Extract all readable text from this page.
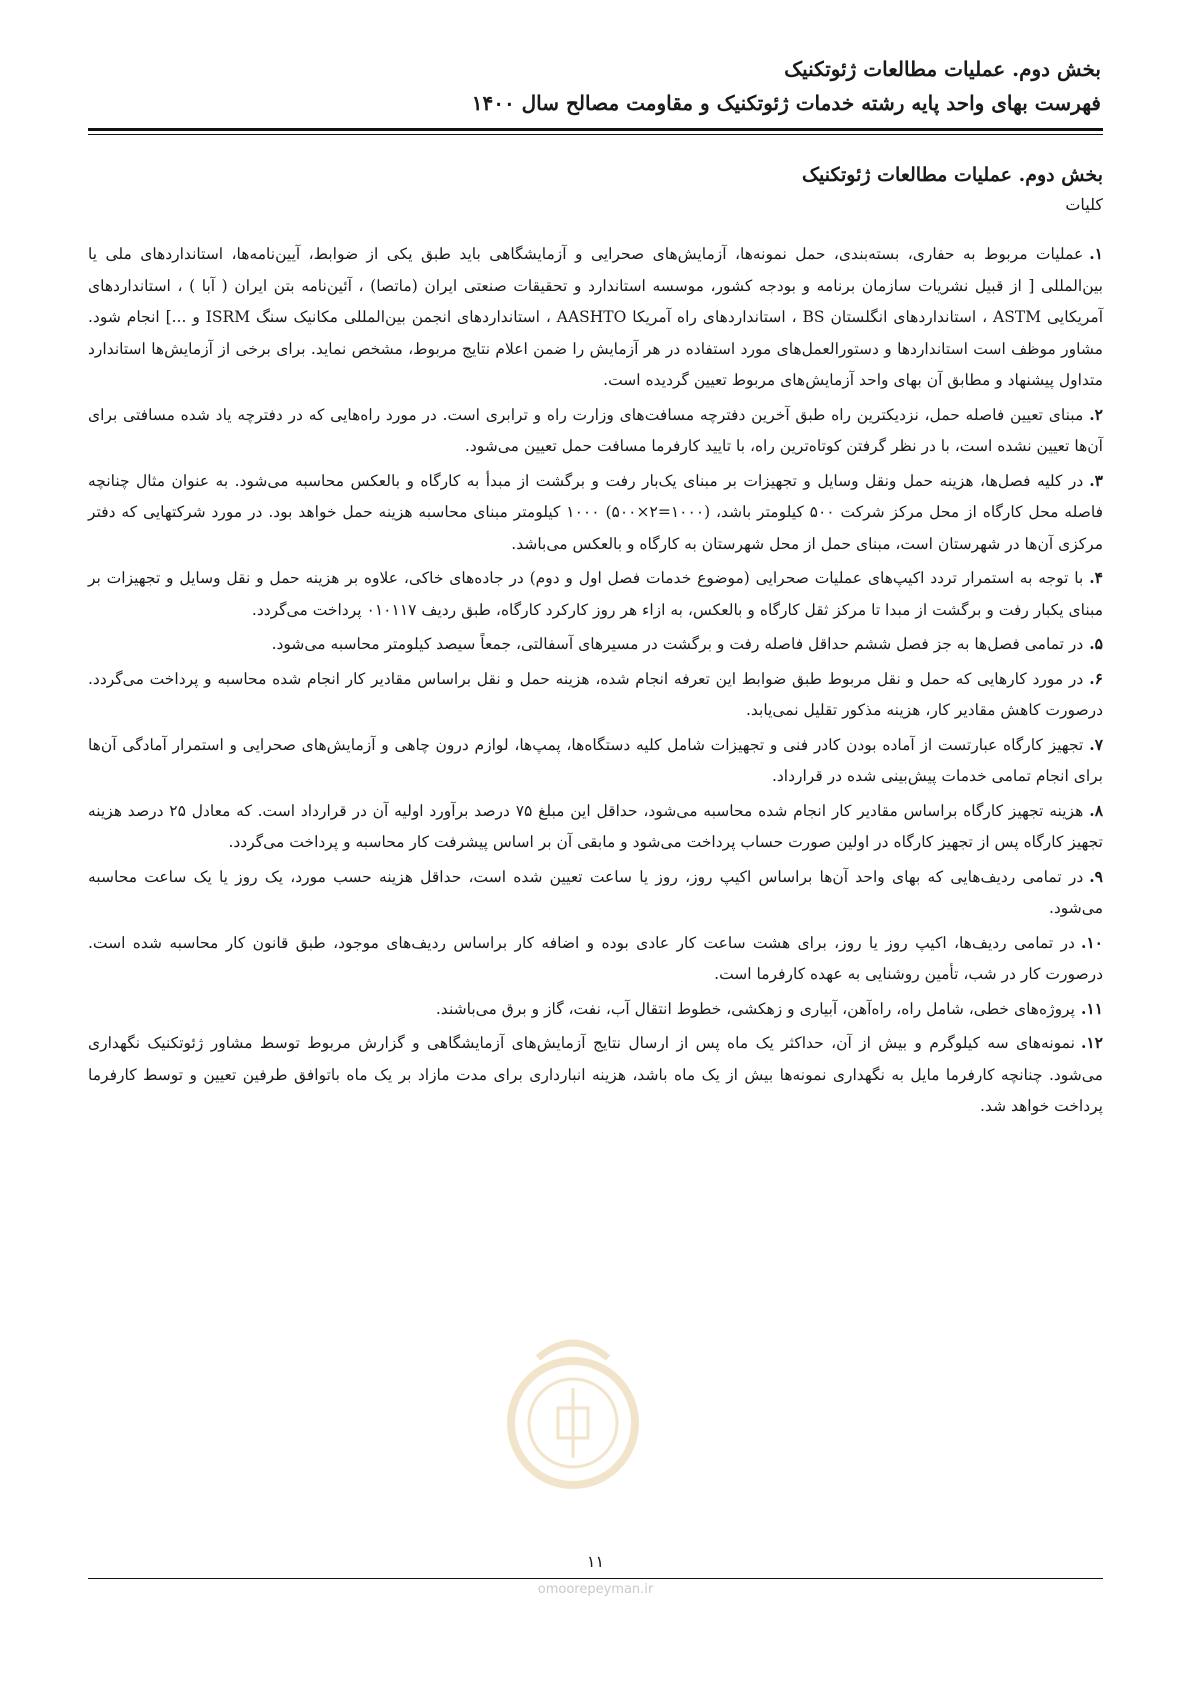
بخش دوم. عملیات مطالعات ژئوتکنیک
فهرست بهای واحد پایه رشته خدمات ژئوتکنیک و مقاومت مصالح سال ۱۴۰۰

بخش دوم. عملیات مطالعات ژئوتکنیک

کلیات

۱.عملیات مربوط به حفاری، بسته‌بندی، حمل نمونه‌ها، آزمایش‌های صحرایی و آزمایشگاهی باید طبق یکی از ضوابط، آیین‌نامه‌ها، استانداردهای ملی یا بین‌المللی [ از قبیل نشریات سازمان برنامه و بودجه کشور، موسسه استاندارد و تحقیقات صنعتی ایران (ماتصا) ، آئین‌نامه بتن ایران ( آبا ) ، استانداردهای آمریکایی ASTM ، استانداردهای انگلستان BS ، استانداردهای راه آمریکا AASHTO ، استانداردهای انجمن بین‌المللی مکانیک سنگ ISRM و ...] انجام شود. مشاور موظف است استانداردها و دستورالعمل‌های مورد استفاده در هر آزمایش را ضمن اعلام نتایج مربوط، مشخص نماید. برای برخی از آزمایش‌ها استاندارد متداول پیشنهاد و مطابق آن بهای واحد آزمایش‌های مربوط تعیین گردیده است.
۲.مبنای تعیین فاصله حمل، نزدیکترین راه طبق آخرین دفترچه مسافت‌های وزارت راه و ترابری است. در مورد راه‌هایی که در دفترچه یاد شده مسافتی برای آن‌ها تعیین نشده است، با در نظر گرفتن کوتاه‌ترین راه، با تایید کارفرما مسافت حمل تعیین می‌شود.
۳.در کلیه فصل‌ها، هزینه حمل ونقل وسایل و تجهیزات بر مبنای یک‌بار رفت و برگشت از مبدأ به کارگاه و بالعکس محاسبه می‌شود. به عنوان مثال چنانچه فاصله محل کارگاه از محل مرکز شرکت ۵۰۰ کیلومتر باشد، (۱۰۰۰=۲×۵۰۰) ۱۰۰۰ کیلومتر مبنای محاسبه هزینه حمل خواهد بود. در مورد شرکتهایی که دفتر مرکزی آن‌ها در شهرستان است، مبنای حمل از محل شهرستان به کارگاه و بالعکس می‌باشد.
۴.با توجه به استمرار تردد اکیپ‌های عملیات صحرایی (موضوع خدمات فصل اول و دوم) در جاده‌های خاکی، علاوه بر هزینه حمل و نقل وسایل و تجهیزات بر مبنای یکبار رفت و برگشت از مبدا تا مرکز ثقل کارگاه و بالعکس، به ازاء هر روز کارکرد کارگاه، طبق ردیف ۰۱۰۱۱۷ پرداخت می‌گردد.
۵.در تمامی فصل‌ها به جز فصل ششم حداقل فاصله رفت و برگشت در مسیرهای آسفالتی، جمعاً سیصد کیلومتر محاسبه می‌شود.
۶.در مورد کارهایی که حمل و نقل مربوط طبق ضوابط این تعرفه انجام شده، هزینه حمل و نقل براساس مقادیر کار انجام شده محاسبه و پرداخت می‌گردد. درصورت کاهش مقادیر کار، هزینه مذکور تقلیل نمی‌یابد.
۷.تجهیز کارگاه عبارتست از آماده بودن کادر فنی و تجهیزات شامل کلیه دستگاه‌ها، پمپ‌ها، لوازم درون چاهی و آزمایش‌های صحرایی و استمرار آمادگی آن‌ها برای انجام تمامی خدمات پیش‌بینی شده در قرارداد.
۸.هزینه تجهیز کارگاه براساس مقادیر کار انجام شده محاسبه می‌شود، حداقل این مبلغ ۷۵ درصد برآورد اولیه آن در قرارداد است. که معادل ۲۵ درصد هزینه تجهیز کارگاه پس از تجهیز کارگاه در اولین صورت حساب پرداخت می‌شود و مابقی آن بر اساس پیشرفت کار محاسبه و پرداخت می‌گردد.
۹.در تمامی ردیف‌هایی که بهای واحد آن‌ها براساس اکیپ روز، روز یا ساعت تعیین شده است، حداقل هزینه حسب مورد، یک روز یا یک ساعت محاسبه می‌شود.
۱۰.در تمامی ردیف‌ها، اکیپ روز یا روز، برای هشت ساعت کار عادی بوده و اضافه کار براساس ردیف‌های موجود، طبق قانون کار محاسبه شده است. درصورت کار در شب، تأمین روشنایی به عهده کارفرما است.
۱۱.پروژه‌های خطی، شامل راه، راه‌آهن، آبیاری و زهکشی، خطوط انتقال آب، نفت، گاز و برق می‌باشند.
۱۲.نمونه‌های سه کیلوگرم و بیش از آن، حداکثر یک ماه پس از ارسال نتایج آزمایش‌های آزمایشگاهی و گزارش مربوط توسط مشاور ژئوتکنیک نگهداری می‌شود. چنانچه کارفرما مایل به نگهداری نمونه‌ها بیش از یک ماه باشد، هزینه انبارداری برای مدت مازاد بر یک ماه باتوافق طرفین تعیین و توسط کارفرما پرداخت خواهد شد.
۱۱
omoorepeyman.ir
